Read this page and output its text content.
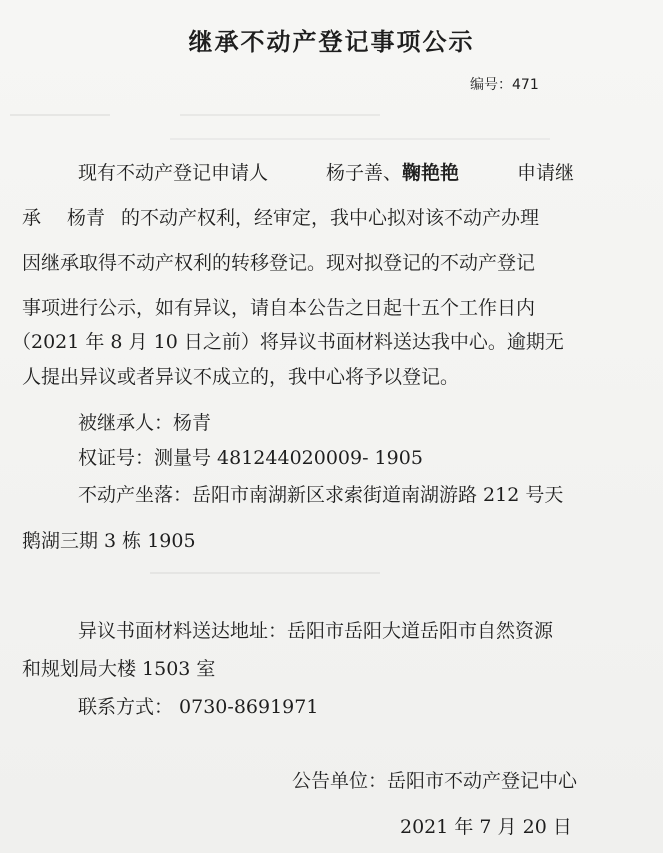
继承不动产登记事项公示
编号：471
现有不动产登记申请人	杨子善、鞠艳艳	申请继
承 杨青 的不动产权利，经审定，我中心拟对该不动产办理
因继承取得不动产权利的转移登记。现对拟登记的不动产登记
事项进行公示，如有异议，请自本公告之日起十五个工作日内
（2021 年 8 月 10 日之前）将异议书面材料送达我中心。逾期无
人提出异议或者异议不成立的，我中心将予以登记。
被继承人：杨青
权证号：测量号 481244020009- 1905
不动产坐落：岳阳市南湖新区求索街道南湖游路 212 号天
鹅湖三期 3 栋 1905
异议书面材料送达地址：岳阳市岳阳大道岳阳市自然资源
和规划局大楼 1503 室
联系方式： 0730-8691971
公告单位：岳阳市不动产登记中心
2021 年 7 月 20 日
